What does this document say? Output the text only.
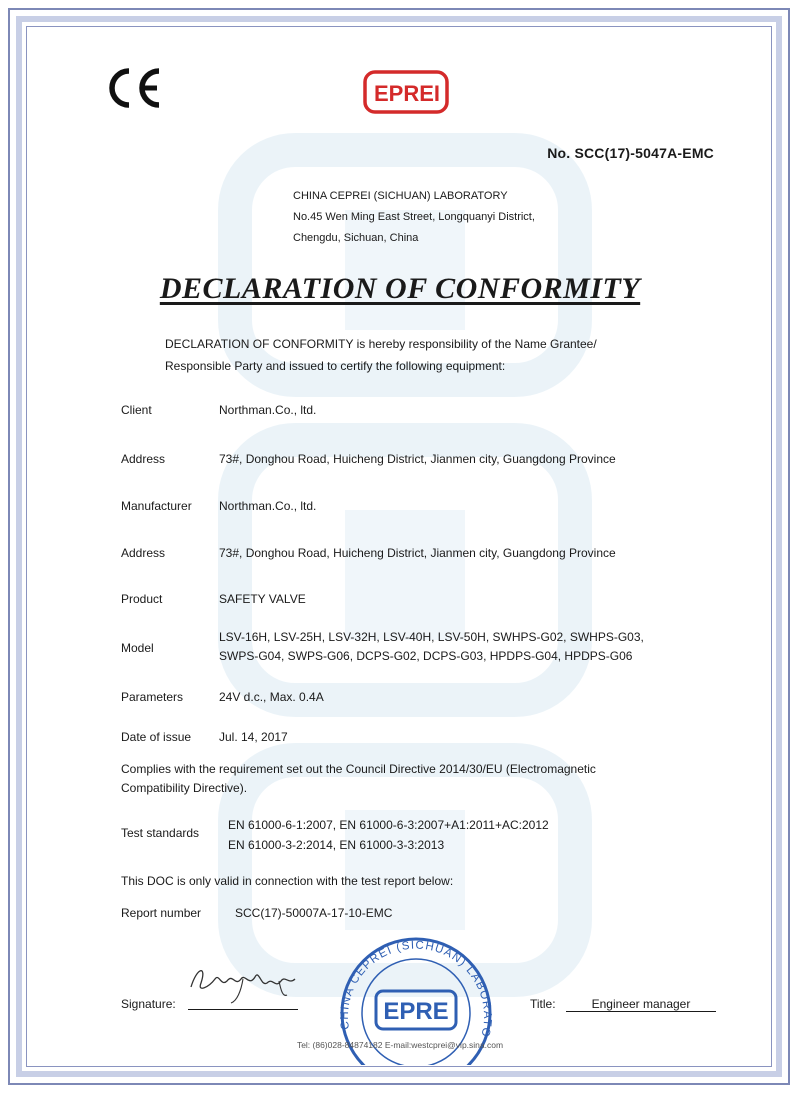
EPREI
No. SCC(17)-5047A-EMC
CHINA CEPREI (SICHUAN) LABORATORY
No.45 Wen Ming East Street, Longquanyi District,
Chengdu, Sichuan, China
DECLARATION OF CONFORMITY
DECLARATION OF CONFORMITY is hereby responsibility of the Name Grantee/
Responsible Party and issued to certify the following equipment:
Client	Northman.Co., ltd.
Address	73#, Donghou Road, Huicheng District, Jianmen city, Guangdong Province
Manufacturer Northman.Co., ltd.
Address	73#, Donghou Road, Huicheng District, Jianmen city, Guangdong Province
Product	SAFETY VALVE
Model
LSV-16H, LSV-25H, LSV-32H, LSV-40H, LSV-50H, SWHPS-G02, SWHPS-G03,
SWPS-G04, SWPS-G06, DCPS-G02, DCPS-G03, HPDPS-G04, HPDPS-G06
Parameters	24V d.c., Max. 0.4A
Date of issue Jul. 14, 2017
Complies with the requirement set out the Council Directive 2014/30/EU (Electromagnetic
Compatibility Directive).
Test standards
EN 61000-6-1:2007, EN 61000-6-3:2007+A1:2011+AC:2012
EN 61000-3-2:2014, EN 61000-3-3:2013
This DOC is only valid in connection with the test report below:
Report number	SCC(17)-50007A-17-10-EMC
Signature:
CHINA CEPREI (SICHUAN) LABORATO
EPRE	Title:	Engineer manager
Tel: (86)028-84874182 E-mail:westcprei@vip.sina.com
